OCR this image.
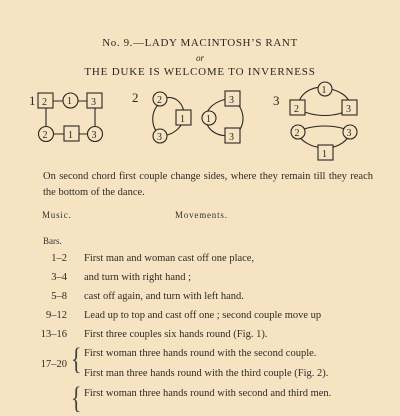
No. 9.—LADY MACINTOSH’S RANT
or
THE DUKE IS WELCOME TO INVERNESS
1 2 1 3
2 1 3
2 2
1
3
3
1
3
3
2
1
3
2
1
3
On second chord first couple change sides, where they remain till they reach the bottom of the dance.
Music.	Movements.
Bars.
1–2 First man and woman cast off one place,
3–4 and turn with right hand ;
5–8 cast off again, and turn with left hand.
9–12 Lead up to top and cast off one ; second couple move up
13–16 First three couples six hands round (Fig. 1).
17–20 { First woman three hands round with the second couple.
First man three hands round with the third couple (Fig. 2).
{ First woman three hands round with second and third men.
